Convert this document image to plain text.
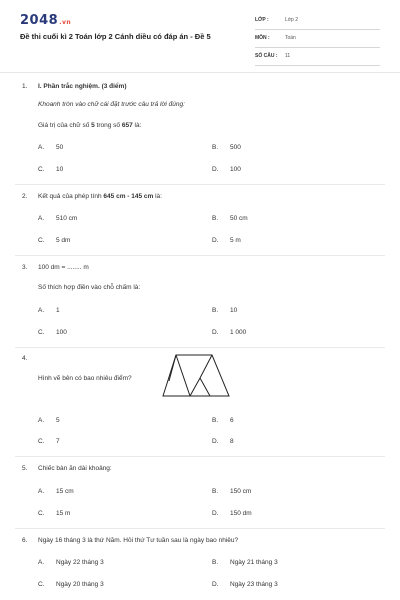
2048.vn
Đề thi cuối kì 2 Toán lớp 2 Cánh diều có đáp án - Đề 5
LỚP :	Lớp 2
MÔN :	Toán
SỐ CÂU : 11
1. I. Phần trắc nghiệm. (3 điểm)
Khoanh tròn vào chữ cái đặt trước câu trả lời đúng:
Giá trị của chữ số 5 trong số 657 là:
A. 50	B. 500
C. 10	D. 100
2. Kết quả của phép tính 645 cm - 145 cm là:
A. 510 cm	B. 50 cm
C. 5 dm	D. 5 m
3. 100 dm = ........ m
Số thích hợp điền vào chỗ chấm là:
A. 1	B. 10
C. 100	D. 1 000
4.
Hình vẽ bên có bao nhiêu điểm?
A. 5	B. 6
C. 7	D. 8
5. Chiếc bàn ăn dài khoảng:
A. 15 cm	B. 150 cm
C. 15 m	D. 150 dm
6. Ngày 16 tháng 3 là thứ Năm. Hỏi thứ Tư tuần sau là ngày bao nhiêu?
A. Ngày 22 tháng 3	B. Ngày 21 tháng 3
C. Ngày 20 tháng 3	D. Ngày 23 tháng 3
